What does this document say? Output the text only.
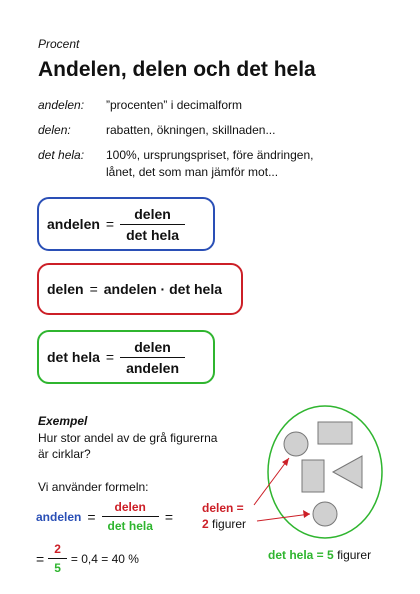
Procent
Andelen, delen och det hela
andelen: ”procenten” i decimalform
delen:	rabatten, ökningen, skillnaden...
det hela: 100%, ursprungspriset, före ändringen,
lånet, det som man jämför mot...
andelen = $\frac{\text{delen}}{\text{det hela}}$
delen = andelen · det hela
det hela = $\frac{\text{delen}}{\text{andelen}}$
Exempel
Hur stor andel av de grå figurerna
är cirklar?
Vi använder formeln:
andelen = $\frac{\text{delen}}{\text{det hela}}$ =
= $\frac{2}{5} = 0,4 = 40$ %
delen =
2 figurer
det hela = 5 figurer
